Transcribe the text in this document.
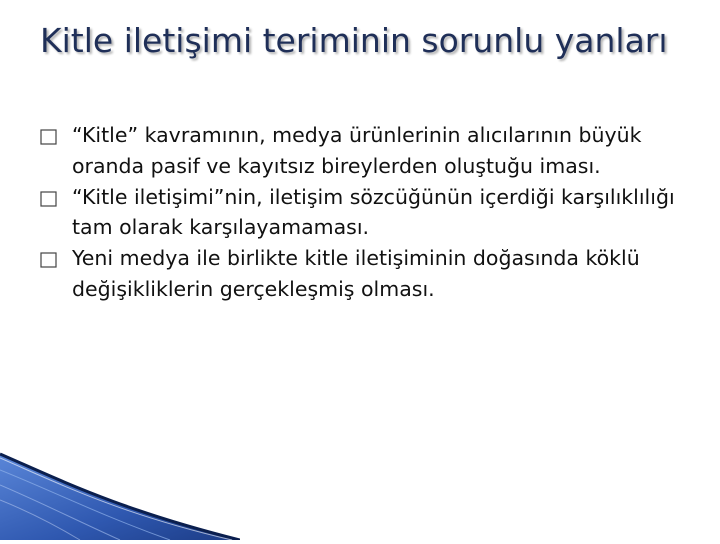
Kitle iletişimi teriminin sorunlu yanları
“Kitle” kavramının, medya ürünlerinin alıcılarının büyük oranda pasif ve kayıtsız bireylerden oluştuğu iması.
“Kitle iletişimi”nin, iletişim sözcüğünün içerdiği karşılıklılığı tam olarak karşılayamaması.
Yeni medya ile birlikte kitle iletişiminin doğasında köklü değişikliklerin gerçekleşmiş olması.
